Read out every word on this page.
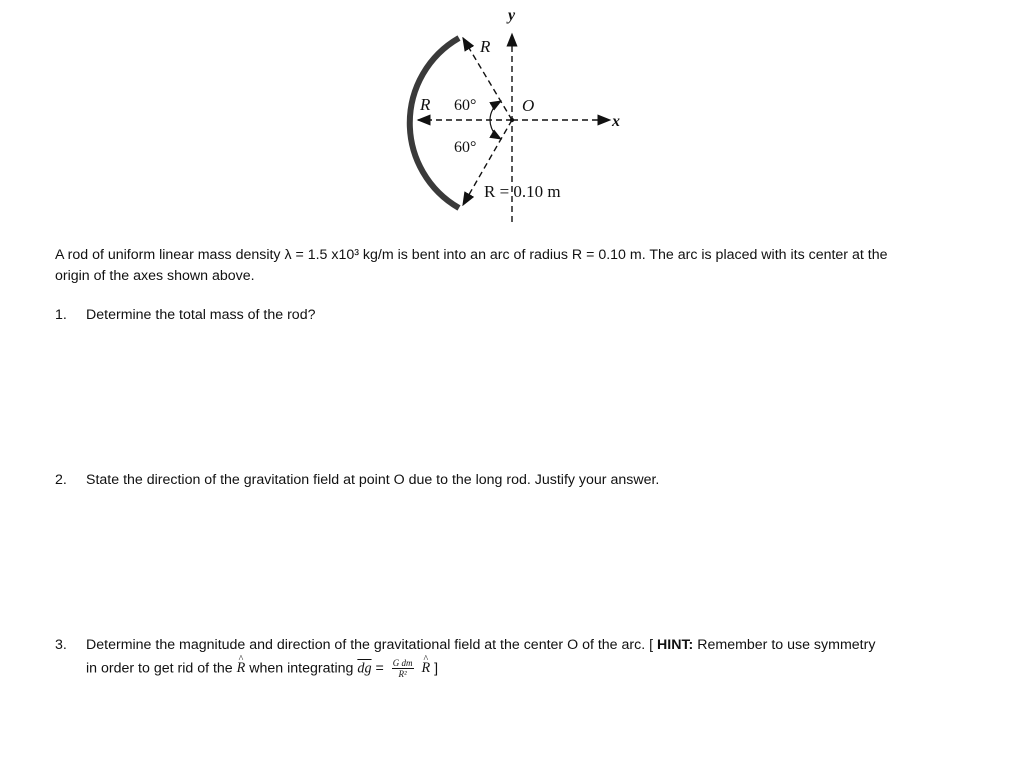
y
x
O
R
R 60°
60°
R = 0.10 m
A rod of uniform linear mass density λ = 1.5 x10³ kg/m is bent into an arc of radius R = 0.10 m. The arc is placed with its center at the
origin of the axes shown above.
1. Determine the total mass of the rod?
2. State the direction of the gravitation field at point O due to the long rod. Justify your answer.
3. Determine the magnitude and direction of the gravitational field at the center O of the arc. [ HINT: Remember to use symmetry
in order to get rid of the ^ R when integrating $\overline{dg} = \frac{\text{G dm}}{\text{R²}}$ ^ R ]
